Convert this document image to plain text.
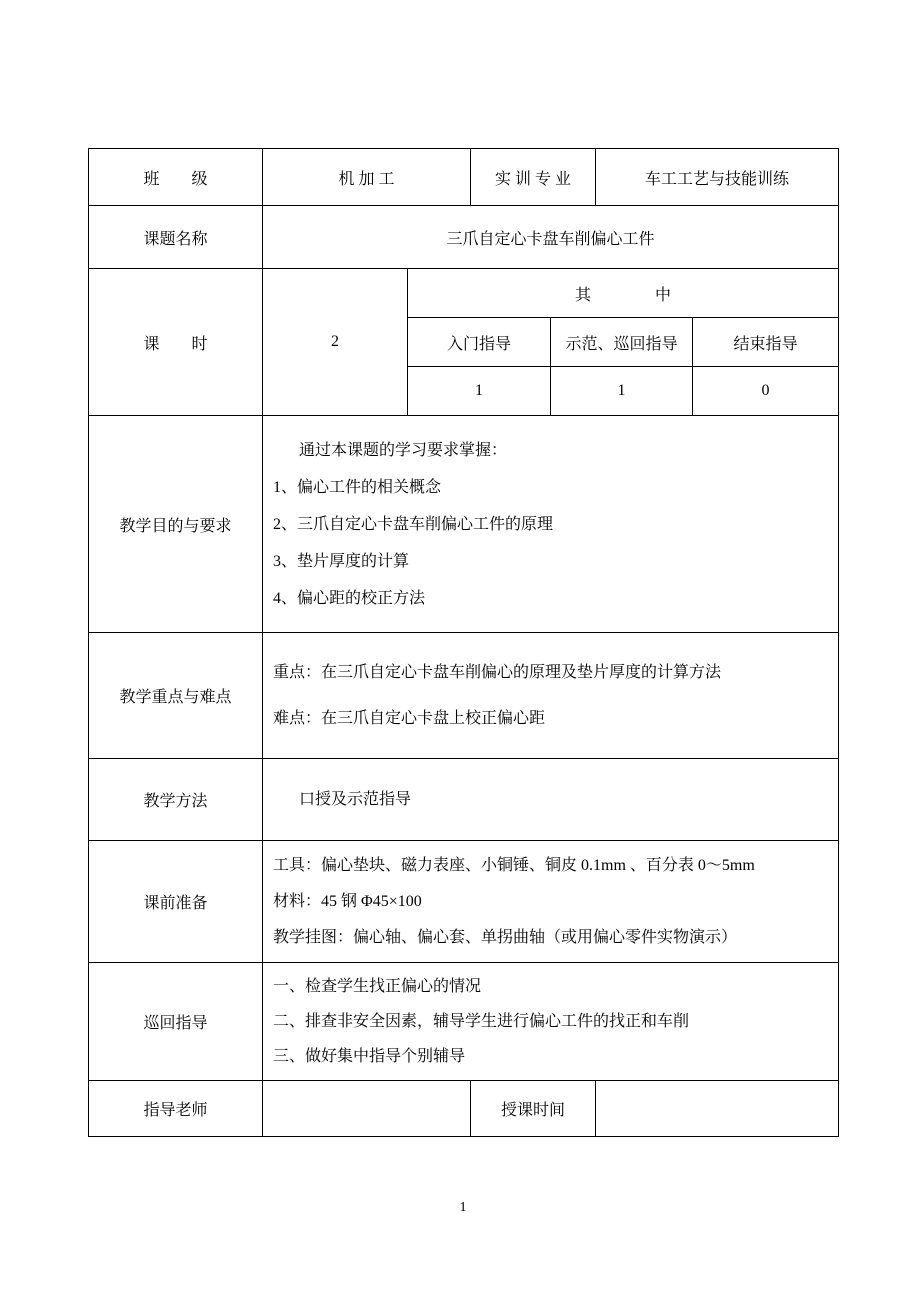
班　　级	机 加 工		实 训 专 业		车工工艺与技能训练	
课题名称	三爪自定心卡盘车削偏心工件					
课　　时	2	其　　　　中				
		入门指导		示范、巡回指导		结束指导
		1		1		0
教学目的与要求	通过本课题的学习要求掌握：
1、偏心工件的相关概念
2、三爪自定心卡盘车削偏心工件的原理
3、垫片厚度的计算
4、偏心距的校正方法					

教学重点与难点	重点：在三爪自定心卡盘车削偏心的原理及垫片厚度的计算方法
难点：在三爪自定心卡盘上校正偏心距					

教学方法	口授及示范指导					

课前准备	工具：偏心垫块、磁力表座、小铜锤、铜皮 0.1mm 、百分表 0～5mm
材料：45 钢 Φ45×100
教学挂图：偏心轴、偏心套、单拐曲轴（或用偏心零件实物演示）					

巡回指导	一、检查学生找正偏心的情况
二、排查非安全因素，辅导学生进行偏心工件的找正和车削
三、做好集中指导个别辅导					

指导老师			授课时间			
1
